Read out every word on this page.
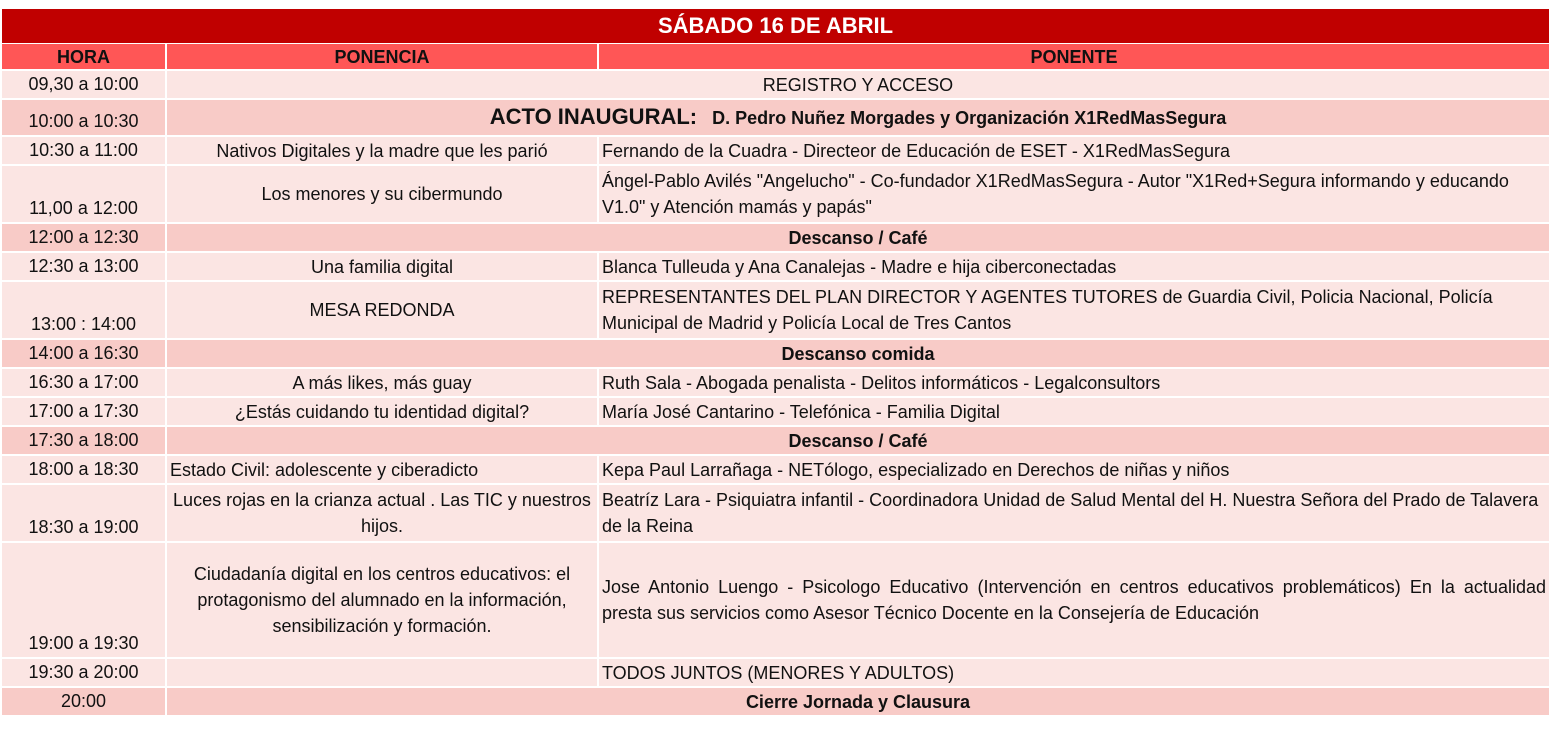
SÁBADO 16 DE ABRIL
HORA	PONENCIA	PONENTE
09,30 a 10:00	REGISTRO Y ACCESO	
10:00 a 10:30	ACTO INAUGURAL: D. Pedro Nuñez Morgades y Organización X1RedMasSegura	
10:30 a 11:00	Nativos Digitales y la madre que les parió	Fernando de la Cuadra - Directeor de Educación de ESET - X1RedMasSegura
11,00 a 12:00	Los menores y su cibermundo	Ángel-Pablo Avilés "Angelucho" - Co-fundador X1RedMasSegura - Autor "X1Red+Segura informando y educando V1.0" y Atención mamás y papás"
12:00 a 12:30	Descanso / Café	
12:30 a 13:00	Una familia digital	Blanca Tulleuda y Ana Canalejas - Madre e hija ciberconectadas
13:00 : 14:00	MESA REDONDA	REPRESENTANTES DEL PLAN DIRECTOR Y AGENTES TUTORES de Guardia Civil, Policia Nacional, Policía Municipal de Madrid y Policía Local de Tres Cantos
14:00 a 16:30	Descanso comida	
16:30 a 17:00	A más likes, más guay	Ruth Sala - Abogada penalista - Delitos informáticos - Legalconsultors
17:00 a 17:30	¿Estás cuidando tu identidad digital?	María José Cantarino - Telefónica - Familia Digital
17:30 a 18:00	Descanso / Café	
18:00 a 18:30	Estado Civil: adolescente y ciberadicto	Kepa Paul Larrañaga - NETólogo, especializado en Derechos de niñas y niños
18:30 a 19:00	Luces rojas en la crianza actual . Las TIC y nuestros hijos.	Beatríz Lara - Psiquiatra infantil - Coordinadora Unidad de Salud Mental del H. Nuestra Señora del Prado de Talavera de la Reina
19:00 a 19:30	Ciudadanía digital en los centros educativos: el protagonismo del alumnado en la información, sensibilización y formación.	Jose Antonio Luengo - Psicologo Educativo (Intervención en centros educativos problemáticos) En la actualidad presta sus servicios como Asesor Técnico Docente en la Consejería de Educación
19:30 a 20:00		TODOS JUNTOS (MENORES Y ADULTOS)
20:00	Cierre Jornada y Clausura	
